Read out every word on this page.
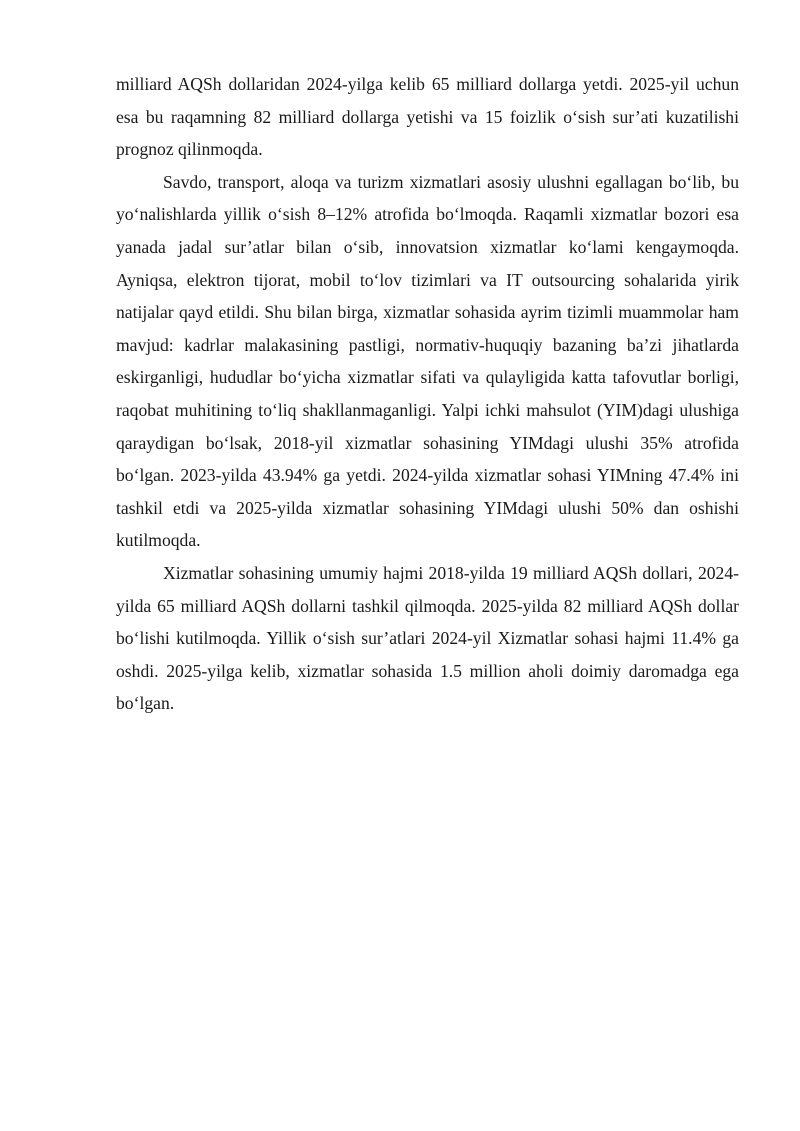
milliard AQSh dollaridan 2024-yilga kelib 65 milliard dollarga yetdi. 2025-yil uchun esa bu raqamning 82 milliard dollarga yetishi va 15 foizlik o‘sish sur’ati kuzatilishi prognoz qilinmoqda.

Savdo, transport, aloqa va turizm xizmatlari asosiy ulushni egallagan bo‘lib, bu yo‘nalishlarda yillik o‘sish 8–12% atrofida bo‘lmoqda. Raqamli xizmatlar bozori esa yanada jadal sur’atlar bilan o‘sib, innovatsion xizmatlar ko‘lami kengaymoqda. Ayniqsa, elektron tijorat, mobil to‘lov tizimlari va IT outsourcing sohalarida yirik natijalar qayd etildi. Shu bilan birga, xizmatlar sohasida ayrim tizimli muammolar ham mavjud: kadrlar malakasining pastligi, normativ-huquqiy bazaning ba’zi jihatlarda eskirganligi, hududlar bo‘yicha xizmatlar sifati va qulayligida katta tafovutlar borligi, raqobat muhitining to‘liq shakllanmaganligi. Yalpi ichki mahsulot (YIM)dagi ulushiga qaraydigan bo‘lsak, 2018-yil xizmatlar sohasining YIMdagi ulushi 35% atrofida bo‘lgan. 2023-yilda 43.94% ga yetdi. 2024-yilda xizmatlar sohasi YIMning 47.4% ini tashkil etdi va 2025-yilda xizmatlar sohasining YIMdagi ulushi 50% dan oshishi kutilmoqda.

Xizmatlar sohasining umumiy hajmi 2018-yilda 19 milliard AQSh dollari, 2024-yilda 65 milliard AQSh dollarni tashkil qilmoqda. 2025-yilda 82 milliard AQSh dollar bo‘lishi kutilmoqda. Yillik o‘sish sur’atlari 2024-yil Xizmatlar sohasi hajmi 11.4% ga oshdi. 2025-yilga kelib, xizmatlar sohasida 1.5 million aholi doimiy daromadga ega bo‘lgan.
